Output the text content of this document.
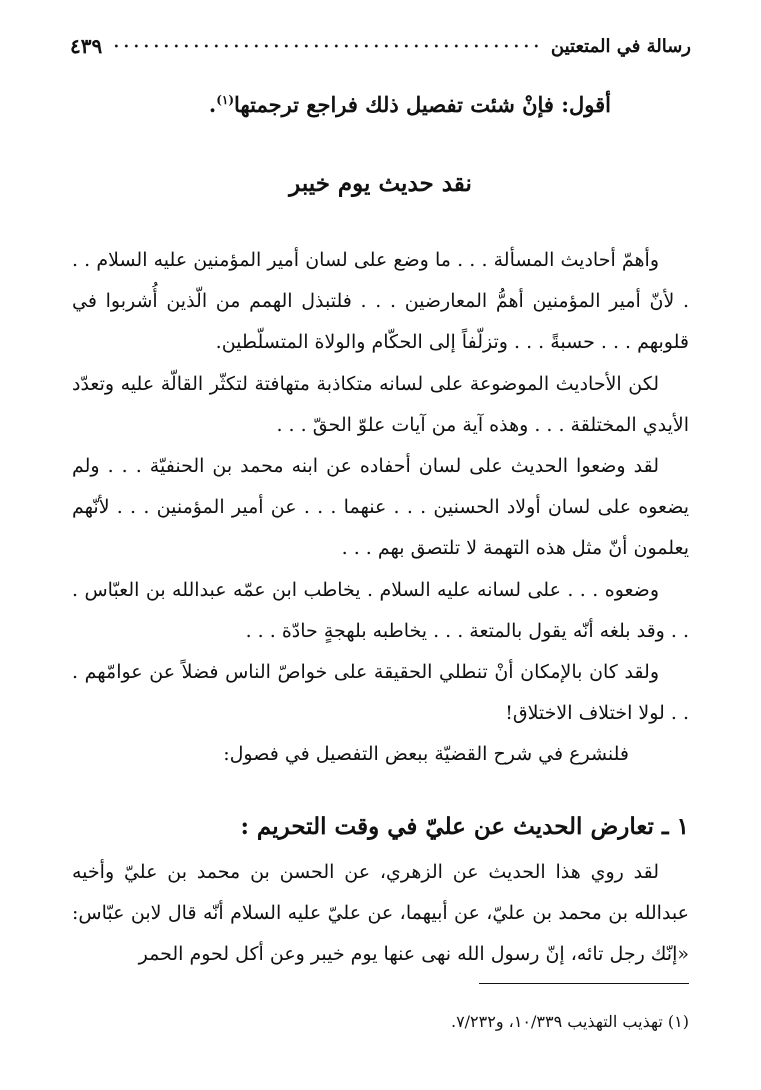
رسالة في المتعتين
٤٣٩
أقول: فإنْ شئت تفصيل ذلك فراجع ترجمتها$^{(١)}$.
نقد حديث يوم خيبر

وأهمّ أحاديث المسألة . . . ما وضع على لسان أمير المؤمنين عليه السلام . . . لأنّ أمير المؤمنين أهمُّ المعارضين . . . فلتبذل الهمم من الّذين أُشربوا في قلوبهم . . . حسبةً . . . وتزلّفاً إلى الحكّام والولاة المتسلّطين.

لكن الأحاديث الموضوعة على لسانه متكاذبة متهافتة لتكثّر القالّة عليه وتعدّد الأيدي المختلقة . . . وهذه آية من آيات علوّ الحقّ . . .

لقد وضعوا الحديث على لسان أحفاده عن ابنه محمد بن الحنفيّة . . . ولم يضعوه على لسان أولاد الحسنين . . . عنهما . . . عن أمير المؤمنين . . . لأنّهم يعلمون أنّ مثل هذه التهمة لا تلتصق بهم . . .

وضعوه . . . على لسانه عليه السلام . يخاطب ابن عمّه عبدالله بن العبّاس . . . وقد بلغه أنّه يقول بالمتعة . . . يخاطبه بلهجةٍ حادّة . . .

ولقد كان بالإمكان أنْ تنطلي الحقيقة على خواصّ الناس فضلاً عن عوامّهم . . . لولا اختلاف الاختلاق!

فلنشرع في شرح القضيّة ببعض التفصيل في فصول:

١ ـ تعارض الحديث عن عليّ في وقت التحريم :

لقد روي هذا الحديث عن الزهري، عن الحسن بن محمد بن عليّ وأخيه عبدالله بن محمد بن عليّ، عن أبيهما، عن عليّ عليه السلام أنّه قال لابن عبّاس: «إنّك رجل تائه، إنّ رسول الله نهى عنها يوم خيبر وعن أكل لحوم الحمر

(١) تهذيب التهذيب ١٠/٣٣٩، و٧/٢٣٢.
